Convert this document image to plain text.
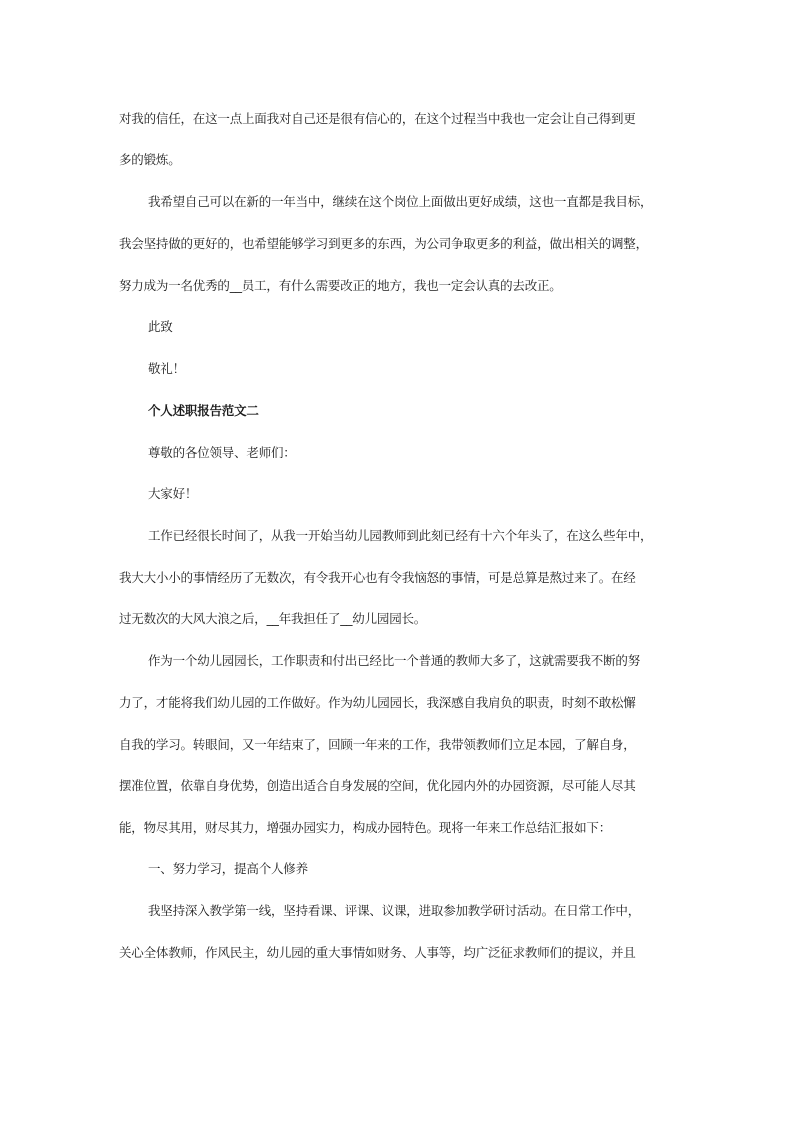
对我的信任，在这一点上面我对自己还是很有信心的，在这个过程当中我也一定会让自己得到更
多的锻炼。
我希望自己可以在新的一年当中，继续在这个岗位上面做出更好成绩，这也一直都是我目标，
我会坚持做的更好的，也希望能够学习到更多的东西，为公司争取更多的利益，做出相关的调整，
努力成为一名优秀的__员工，有什么需要改正的地方，我也一定会认真的去改正。
此致
敬礼！
个人述职报告范文二
尊敬的各位领导、老师们：
大家好！
工作已经很长时间了，从我一开始当幼儿园教师到此刻已经有十六个年头了，在这么些年中，
我大大小小的事情经历了无数次，有令我开心也有令我恼怒的事情，可是总算是熬过来了。在经
过无数次的大风大浪之后，__年我担任了__幼儿园园长。
作为一个幼儿园园长，工作职责和付出已经比一个普通的教师大多了，这就需要我不断的努
力了，才能将我们幼儿园的工作做好。作为幼儿园园长，我深感自我肩负的职责，时刻不敢松懈
自我的学习。转眼间，又一年结束了，回顾一年来的工作，我带领教师们立足本园，了解自身，
摆准位置，依靠自身优势，创造出适合自身发展的空间，优化园内外的办园资源，尽可能人尽其
能，物尽其用，财尽其力，增强办园实力，构成办园特色。现将一年来工作总结汇报如下：
一、努力学习，提高个人修养
我坚持深入教学第一线，坚持看课、评课、议课，进取参加教学研讨活动。在日常工作中，
关心全体教师，作风民主，幼儿园的重大事情如财务、人事等，均广泛征求教师们的提议，并且
